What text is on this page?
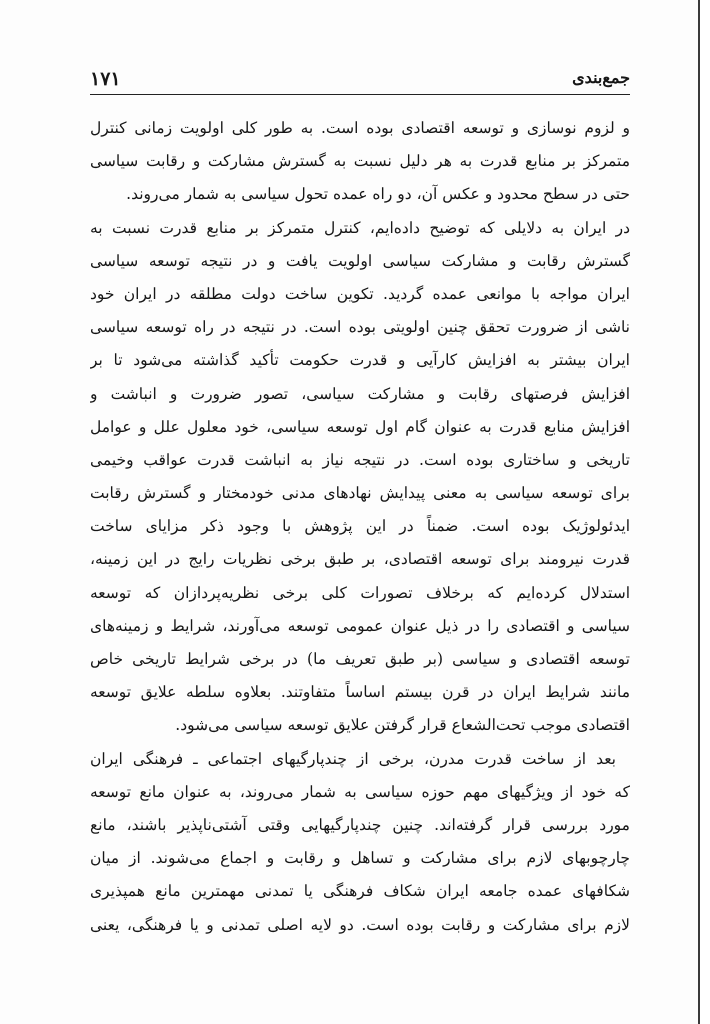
۱۷۱	جمع‌بندی
و لزوم نوسازی و توسعه اقتصادی بوده است. به طور کلی اولویت زمانی کنترل
متمرکز بر منابع قدرت به هر دلیل نسبت به گسترش مشارکت و رقابت سیاسی
حتی در سطح محدود و عکس آن، دو راه عمده تحول سیاسی به شمار می‌روند.
در ایران به دلایلی که توضیح داده‌ایم، کنترل متمرکز بر منابع قدرت نسبت به
گسترش رقابت و مشارکت سیاسی اولویت یافت و در نتیجه توسعه سیاسی
ایران مواجه با موانعی عمده گردید. تکوین ساخت دولت مطلقه در ایران خود
ناشی از ضرورت تحقق چنین اولویتی بوده است. در نتیجه در راه توسعه سیاسی
ایران بیشتر به افزایش کارآیی و قدرت حکومت تأکید گذاشته می‌شود تا بر
افزایش فرصتهای رقابت و مشارکت سیاسی، تصور ضرورت و انباشت و
افزایش منابع قدرت به عنوان گام اول توسعه سیاسی، خود معلول علل و عوامل
تاریخی و ساختاری بوده است. در نتیجه نیاز به انباشت قدرت عواقب وخیمی
برای توسعه سیاسی به معنی پیدایش نهادهای مدنی خودمختار و گسترش رقابت
ایدئولوژیک بوده است. ضمناً در این پژوهش با وجود ذکر مزایای ساخت
قدرت نیرومند برای توسعه اقتصادی، بر طبق برخی نظریات رایج در این زمینه،
استدلال کرده‌ایم که برخلاف تصورات کلی برخی نظریه‌پردازان که توسعه
سیاسی و اقتصادی را در ذیل عنوان عمومی توسعه می‌آورند، شرایط و زمینه‌های
توسعه اقتصادی و سیاسی (بر طبق تعریف ما) در برخی شرایط تاریخی خاص
مانند شرایط ایران در قرن بیستم اساساً متفاوتند. بعلاوه سلطه علایق توسعه
اقتصادی موجب تحت‌الشعاع قرار گرفتن علایق توسعه سیاسی می‌شود.
بعد از ساخت قدرت مدرن، برخی از چندپارگیهای اجتماعی ـ فرهنگی ایران
که خود از ویژگیهای مهم حوزه سیاسی به شمار می‌روند، به عنوان مانع توسعه
مورد بررسی قرار گرفته‌اند. چنین چندپارگیهایی وقتی آشتی‌ناپذیر باشند، مانع
چارچوبهای لازم برای مشارکت و تساهل و رقابت و اجماع می‌شوند. از میان
شکافهای عمده جامعه ایران شکاف فرهنگی یا تمدنی مهمترین مانع همپذیری
لازم برای مشارکت و رقابت بوده است. دو لایه اصلی تمدنی و یا فرهنگی، یعنی
